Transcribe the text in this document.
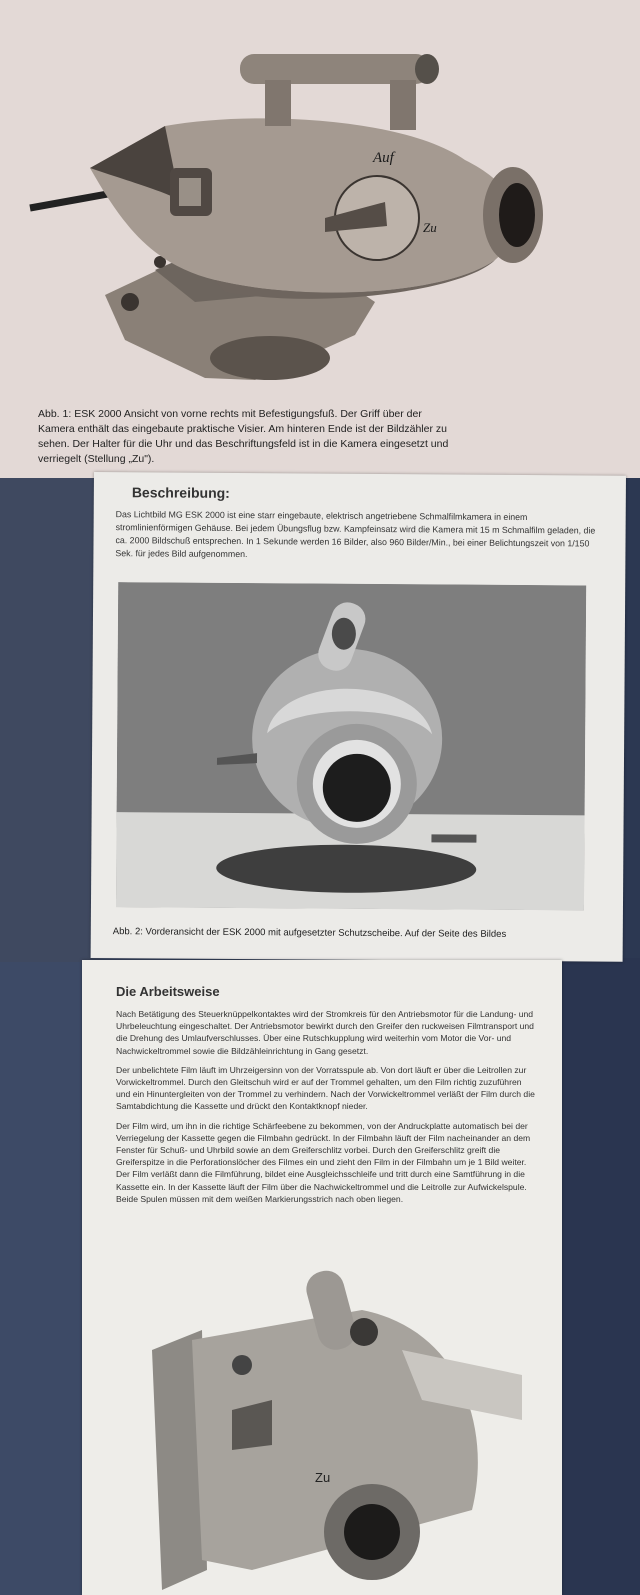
Auf
Zu
Abb. 1: ESK 2000 Ansicht von vorne rechts mit Befestigungsfuß. Der Griff über der
Kamera enthält das eingebaute praktische Visier. Am hinteren Ende ist der Bildzähler zu
sehen. Der Halter für die Uhr und das Beschriftungsfeld ist in die Kamera eingesetzt und
verriegelt (Stellung „Zu").
Beschreibung:
Das Lichtbild MG ESK 2000 ist eine starr eingebaute, elektrisch angetriebene Schmalfilmkamera in einem stromlinienförmigen Gehäuse. Bei jedem Übungsflug bzw. Kampfeinsatz wird die Kamera mit 15 m Schmalfilm geladen, die ca. 2000 Bildschuß entsprechen. In 1 Sekunde werden 16 Bilder, also 960 Bilder/Min., bei einer Belichtungszeit von 1/150 Sek. für jedes Bild aufgenommen.
Abb. 2: Vorderansicht der ESK 2000 mit aufgesetzter Schutzscheibe. Auf der Seite des Bildes
Die Arbeitsweise

Nach Betätigung des Steuerknüppelkontaktes wird der Stromkreis für den Antriebsmotor für die Landung- und Uhrbeleuchtung eingeschaltet. Der Antriebsmotor bewirkt durch den Greifer den ruckweisen Filmtransport und die Drehung des Umlaufverschlusses. Über eine Rutschkupplung wird weiterhin vom Motor die Vor- und Nachwickeltrommel sowie die Bildzähleinrichtung in Gang gesetzt.

Der unbelichtete Film läuft im Uhrzeigersinn von der Vorratsspule ab. Von dort läuft er über die Leitrollen zur Vorwickeltrommel. Durch den Gleitschuh wird er auf der Trommel gehalten, um den Film richtig zuzuführen und ein Hinuntergleiten von der Trommel zu verhindern. Nach der Vorwickeltrommel verläßt der Film durch die Samtabdichtung die Kassette und drückt den Kontaktknopf nieder.

Der Film wird, um ihn in die richtige Schärfeebene zu bekommen, von der Andruckplatte automatisch bei der Verriegelung der Kassette gegen die Filmbahn gedrückt. In der Filmbahn läuft der Film nacheinander an dem Fenster für Schuß- und Uhrbild sowie an dem Greiferschlitz vorbei. Durch den Greiferschlitz greift die Greiferspitze in die Perforationslöcher des Filmes ein und zieht den Film in der Filmbahn um je 1 Bild weiter. Der Film verläßt dann die Filmführung, bildet eine Ausgleichsschleife und tritt durch eine Samtführung in die Kassette ein. In der Kassette läuft der Film über die Nachwickeltrommel und die Leitrolle zur Aufwickelspule. Beide Spulen müssen mit dem weißen Markierungsstrich nach oben liegen.

Zu
